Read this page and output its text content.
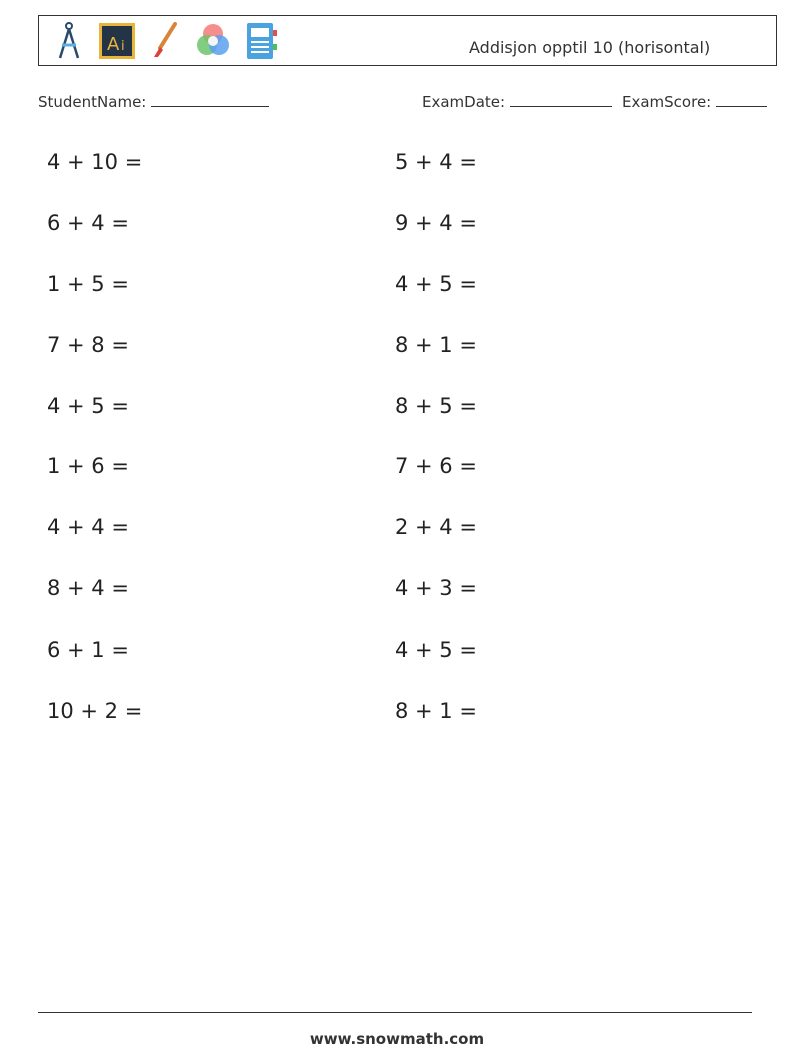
A i	Addisjon opptil 10 (horisontal)
StudentName:	ExamDate:	ExamScore:
4 + 10 =
6 + 4 =
1 + 5 =
7 + 8 =
4 + 5 =
1 + 6 =
4 + 4 =
8 + 4 =
6 + 1 =
10 + 2 =
5 + 4 =
9 + 4 =
4 + 5 =
8 + 1 =
8 + 5 =
7 + 6 =
2 + 4 =
4 + 3 =
4 + 5 =
8 + 1 =
www.snowmath.com
